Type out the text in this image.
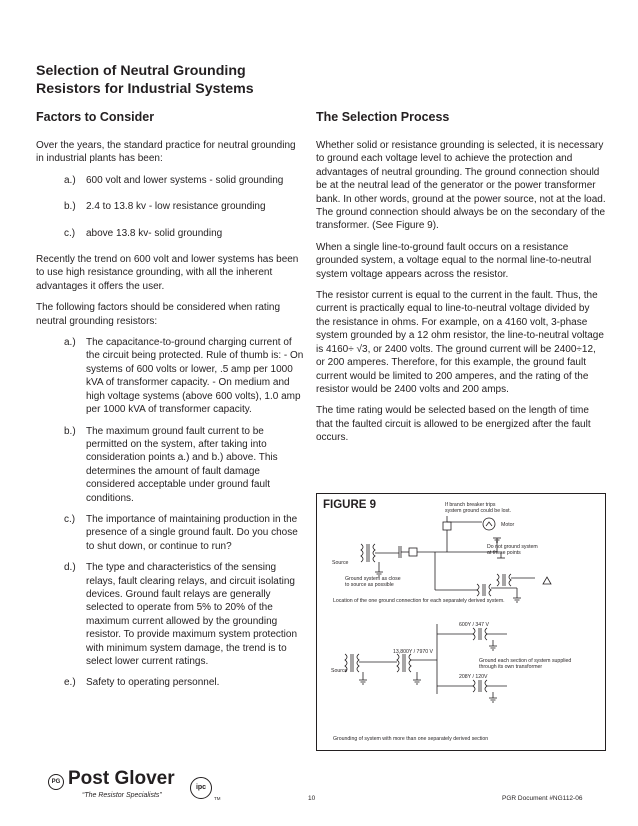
Selection of Neutral Grounding
Resistors for Industrial Systems
Factors to Consider

Over the years, the standard practice for neutral grounding in industrial plants has been:

a.) 600 volt and lower systems - solid grounding
b.) 2.4 to 13.8 kv - low resistance grounding
c.) above 13.8 kv- solid grounding

Recently the trend on 600 volt and lower systems has been to use high resistance grounding, with all the inherent advantages it offers the user.

The following factors should be considered when rating neutral grounding resistors:

a.) The capacitance-to-ground charging current of the circuit being protected. Rule of thumb is: - On systems of 600 volts or lower, .5 amp per 1000 kVA of transformer capacity. - On medium and high voltage systems (above 600 volts), 1.0 amp per 1000 kVA of transformer capacity.
b.) The maximum ground fault current to be permitted on the system, after taking into consideration points a.) and b.) above. This determines the amount of fault damage considered acceptable under ground fault conditions.
c.) The importance of maintaining production in the presence of a single ground fault. Do you chose to shut down, or continue to run?
d.) The type and characteristics of the sensing relays, fault clearing relays, and circuit isolating devices. Ground fault relays are generally selected to operate from 5% to 20% of the maximum current allowed by the grounding resistor. To provide maximum system protection with minimum system damage, the trend is to select lower current ratings.
e.) Safety to operating personnel.
The Selection Process

Whether solid or resistance grounding is selected, it is necessary to ground each voltage level to achieve the protection and advantages of neutral grounding. The ground connection should be at the neutral lead of the generator or the power transformer bank. In other words, ground at the power source, not at the load. The ground connection should always be on the secondary of the transformer. (See Figure 9).

When a single line-to-ground fault occurs on a resistance grounded system, a voltage equal to the normal line-to-neutral system voltage appears across the resistor.

The resistor current is equal to the current in the fault. Thus, the current is practically equal to line-to-neutral voltage divided by the resistance in ohms. For example, on a 4160 volt, 3-phase system grounded by a 12 ohm resistor, the line-to-neutral voltage is 4160÷ √3, or 2400 volts. The ground current will be 2400÷12, or 200 amperes. Therefore, for this example, the ground fault current would be limited to 200 amperes, and the rating of the resistor would be 2400 volts and 200 amps.

The time rating would be selected based on the length of time that the faulted circuit is allowed to be energized after the fault occurs.

FIGURE 9	If branch breaker trips
system ground could be lost.
Motor
Source
Ground system as close
to source as possible
Do not ground system
at these points
Location of the one ground connection for each separately derived system.
600Y / 347 V
13,800Y / 7970 V
Ground each section of system supplied
through its own transformer
208Y / 120V
Source
Grounding of system with more than one separately derived section
PG Post Glover
“The Resistor Specialists”
ipc
TM	10	PGR Document #NG112-06
